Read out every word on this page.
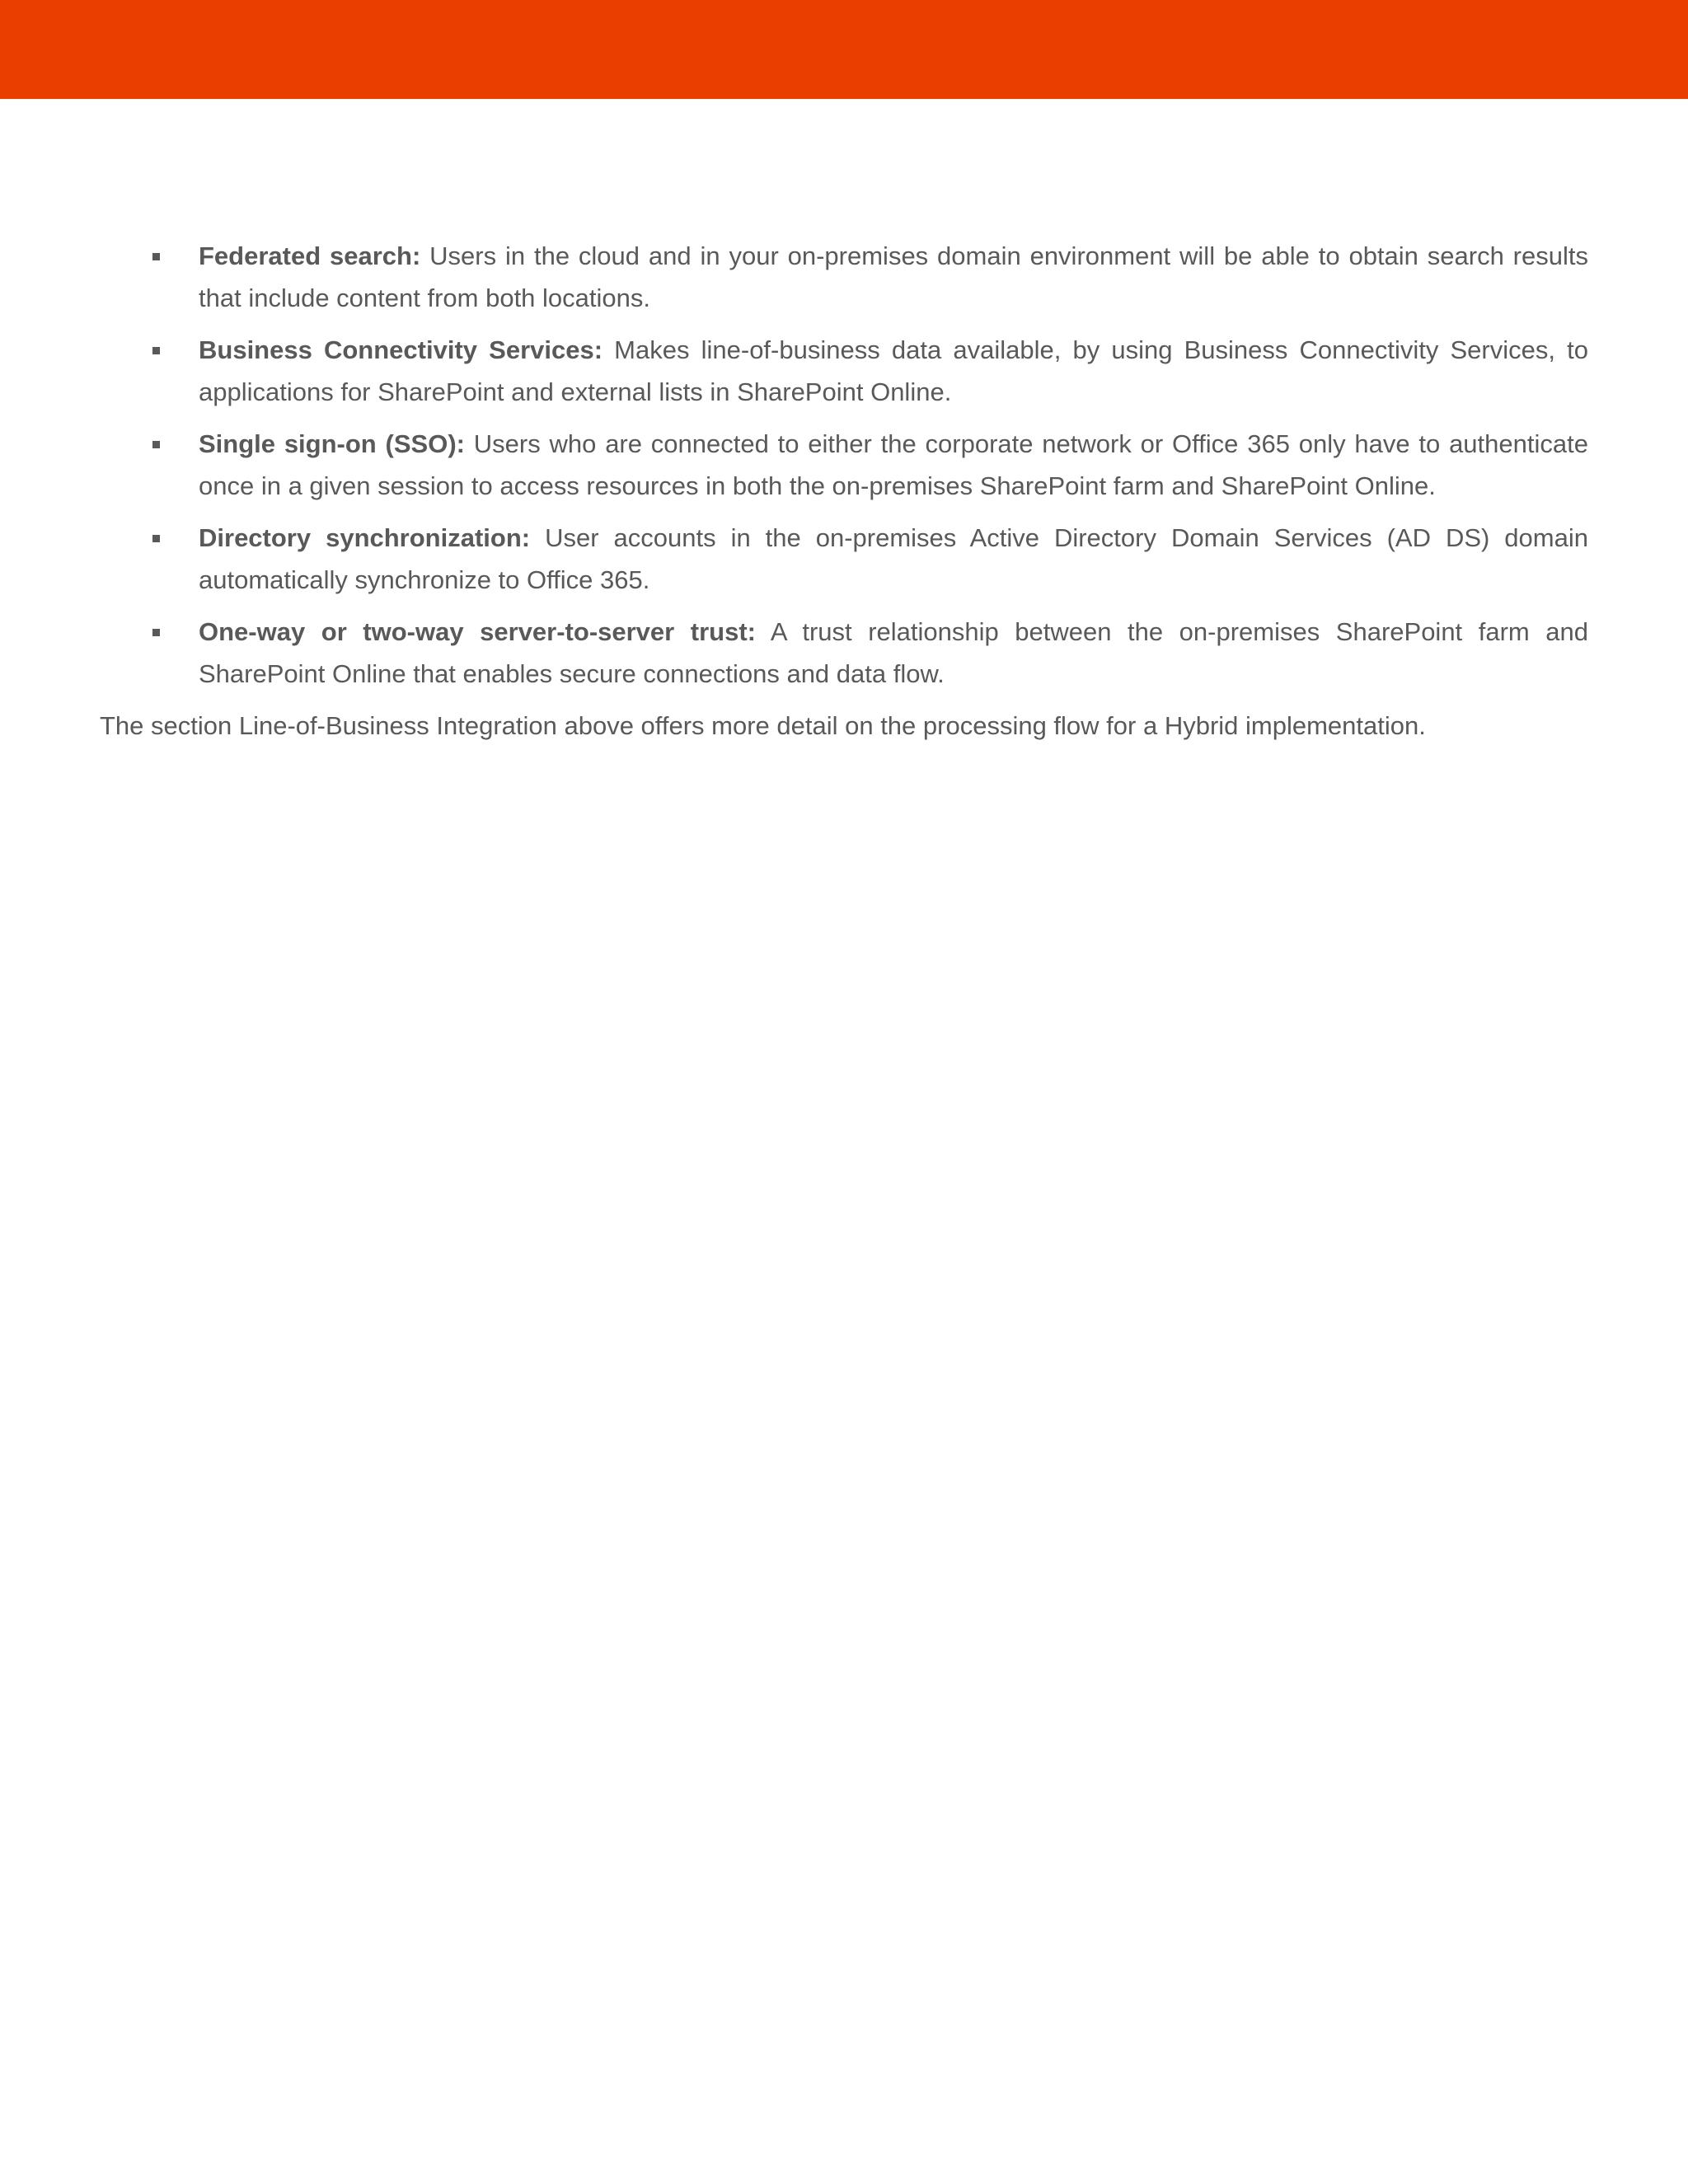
Federated search: Users in the cloud and in your on-premises domain environment will be able to obtain search results that include content from both locations.
Business Connectivity Services: Makes line-of-business data available, by using Business Connectivity Services, to applications for SharePoint and external lists in SharePoint Online.
Single sign-on (SSO): Users who are connected to either the corporate network or Office 365 only have to authenticate once in a given session to access resources in both the on-premises SharePoint farm and SharePoint Online.
Directory synchronization: User accounts in the on-premises Active Directory Domain Services (AD DS) domain automatically synchronize to Office 365.
One-way or two-way server-to-server trust: A trust relationship between the on-premises SharePoint farm and SharePoint Online that enables secure connections and data flow.

The section Line-of-Business Integration above offers more detail on the processing flow for a Hybrid implementation.
